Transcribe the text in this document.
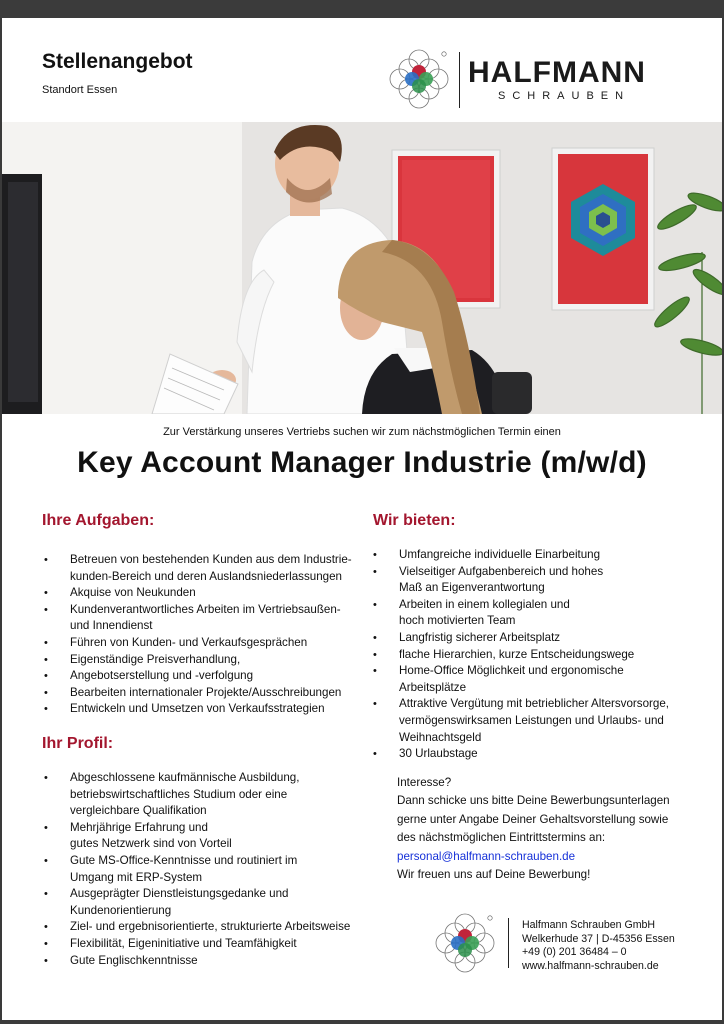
Stellenangebot
Standort Essen
HALFMANN
SCHRAUBEN
Zur Verstärkung unseres Vertriebs suchen wir zum nächstmöglichen Termin einen
Key Account Manager Industrie (m/w/d)
Ihre Aufgaben:
• Betreuen von bestehenden Kunden aus dem Industrie-
kunden-Bereich und deren Auslandsniederlassungen
• Akquise von Neukunden
• Kundenverantwortliches Arbeiten im Vertriebsaußen-
und Innendienst
• Führen von Kunden- und Verkaufsgesprächen
• Eigenständige Preisverhandlung,
• Angebotserstellung und -verfolgung
• Bearbeiten internationaler Projekte/Ausschreibungen
• Entwickeln und Umsetzen von Verkaufsstrategien
Ihr Profil:
• Abgeschlossene kaufmännische Ausbildung,
betriebswirtschaftliches Studium oder eine
vergleichbare Qualifikation
• Mehrjährige Erfahrung und
gutes Netzwerk sind von Vorteil
• Gute MS-Office-Kenntnisse und routiniert im
Umgang mit ERP-System
• Ausgeprägter Dienstleistungsgedanke und
Kundenorientierung
• Ziel- und ergebnisorientierte, strukturierte Arbeitsweise
• Flexibilität, Eigeninitiative und Teamfähigkeit
• Gute Englischkenntnisse
Wir bieten:
• Umfangreiche individuelle Einarbeitung
• Vielseitiger Aufgabenbereich und hohes
Maß an Eigenverantwortung
• Arbeiten in einem kollegialen und
hoch motivierten Team
• Langfristig sicherer Arbeitsplatz
• flache Hierarchien, kurze Entscheidungswege
• Home-Office Möglichkeit und ergonomische
Arbeitsplätze
• Attraktive Vergütung mit betrieblicher Altersvorsorge,
vermögenswirksamen Leistungen und Urlaubs- und
Weihnachtsgeld
• 30 Urlaubstage
Interesse?
Dann schicke uns bitte Deine Bewerbungsunterlagen
gerne unter Angabe Deiner Gehaltsvorstellung sowie
des nächstmöglichen Eintrittstermins an:
personal@halfmann-schrauben.de
Wir freuen uns auf Deine Bewerbung!
Halfmann Schrauben GmbH
Welkerhude 37 | D-45356 Essen
+49 (0) 201 36484 – 0
www.halfmann-schrauben.de
